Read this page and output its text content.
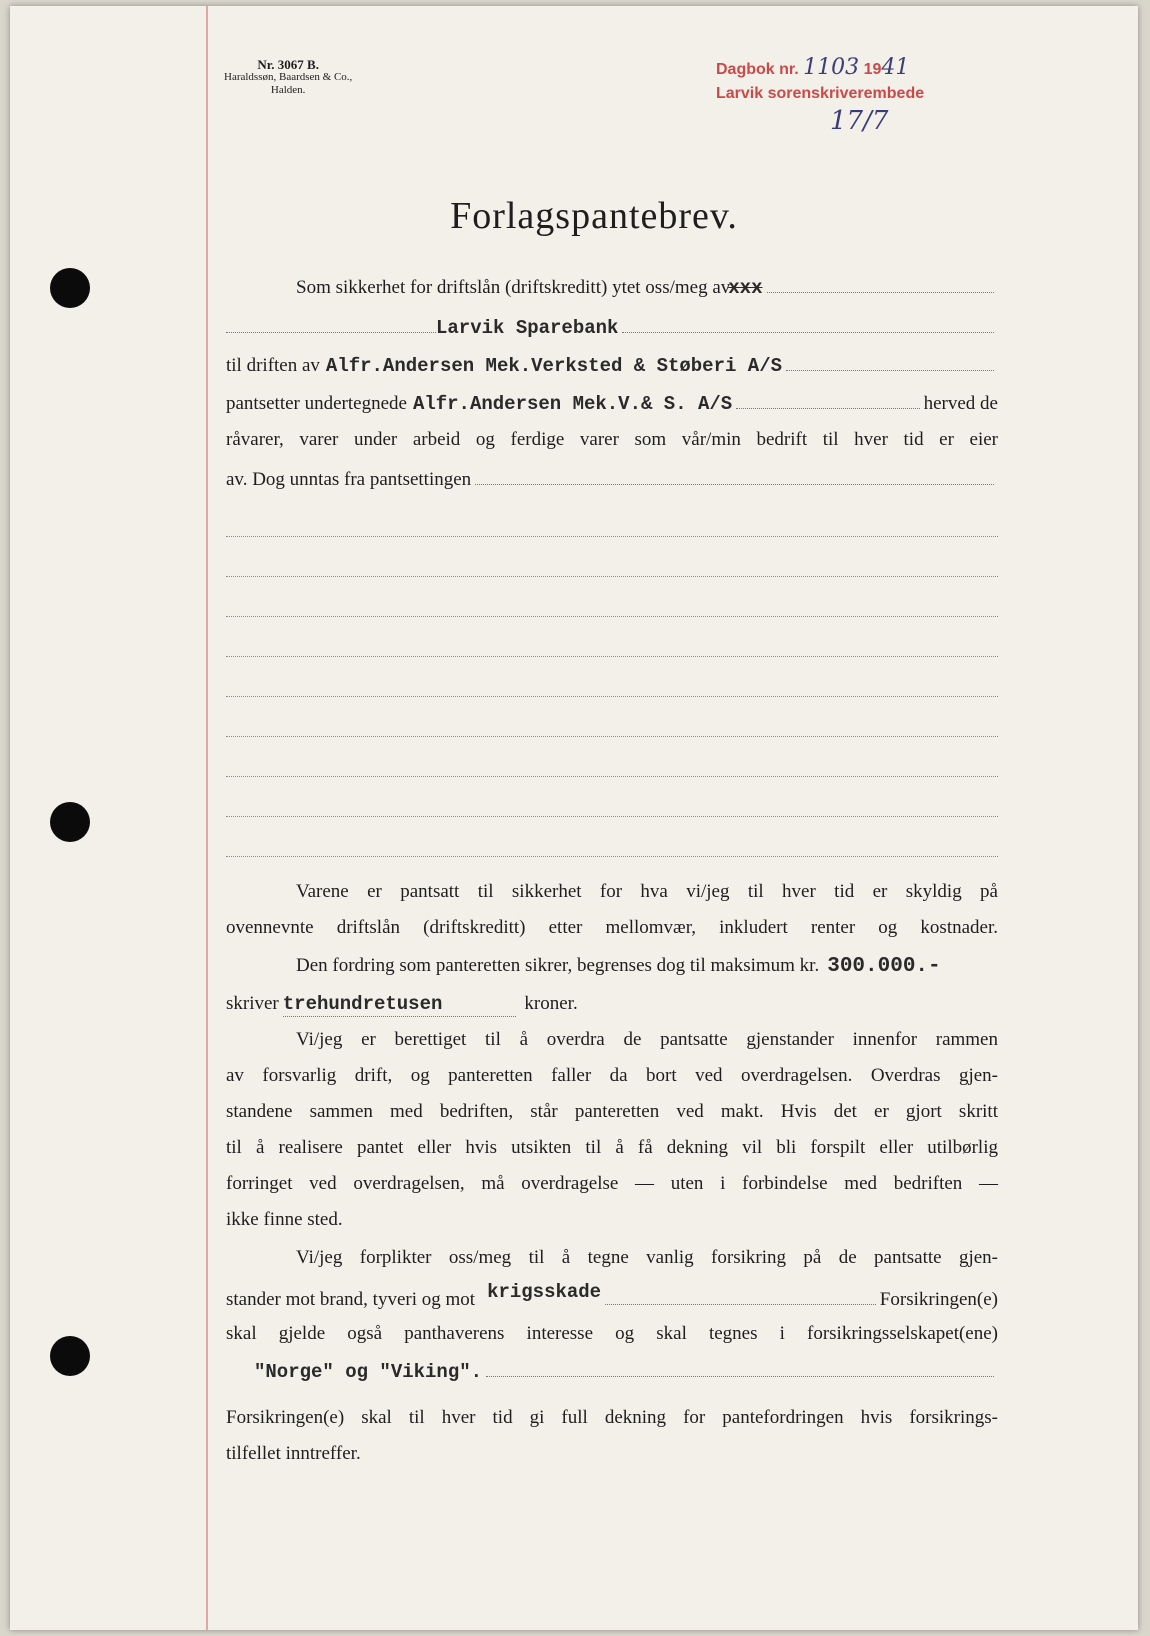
Nr. 3067 B.
Haraldssøn, Baardsen & Co.,
Halden.
Dagbok nr. 1103 1941
Larvik sorenskriverembede
17/7
Forlagspantebrev.
Som sikkerhet for driftslån (driftskreditt) ytet oss/meg av
xxx
Larvik Sparebank
til driften av Alfr.Andersen Mek.Verksted & Støberi A/S
pantsetter undertegnede Alfr.Andersen Mek.V.& S. A/S	herved de
råvarer, varer under arbeid og ferdige varer som vår/min bedrift til hver tid er eier
av. Dog unntas fra pantsettingen
Varene er pantsatt til sikkerhet for hva vi/jeg til hver tid er skyldig på
ovennevnte driftslån (driftskreditt) etter mellomvær, inkludert renter og kostnader.
Den fordring som panteretten sikrer, begrenses dog til maksimum kr. 300.000.-
skriver trehundretusen	kroner.
Vi/jeg er berettiget til å overdra de pantsatte gjenstander innenfor rammen
av forsvarlig drift, og panteretten faller da bort ved overdragelsen. Overdras gjen-
standene sammen med bedriften, står panteretten ved makt. Hvis det er gjort skritt
til å realisere pantet eller hvis utsikten til å få dekning vil bli forspilt eller utilbørlig
forringet ved overdragelsen, må overdragelse — uten i forbindelse med bedriften —
ikke finne sted.
Vi/jeg forplikter oss/meg til å tegne vanlig forsikring på de pantsatte gjen-
stander mot brand, tyveri og mot krigsskade	Forsikringen(e)
skal gjelde også panthaverens interesse og skal tegnes i forsikringsselskapet(ene)
"Norge" og "Viking".
Forsikringen(e) skal til hver tid gi full dekning for pantefordringen hvis forsikrings-
tilfellet inntreffer.
